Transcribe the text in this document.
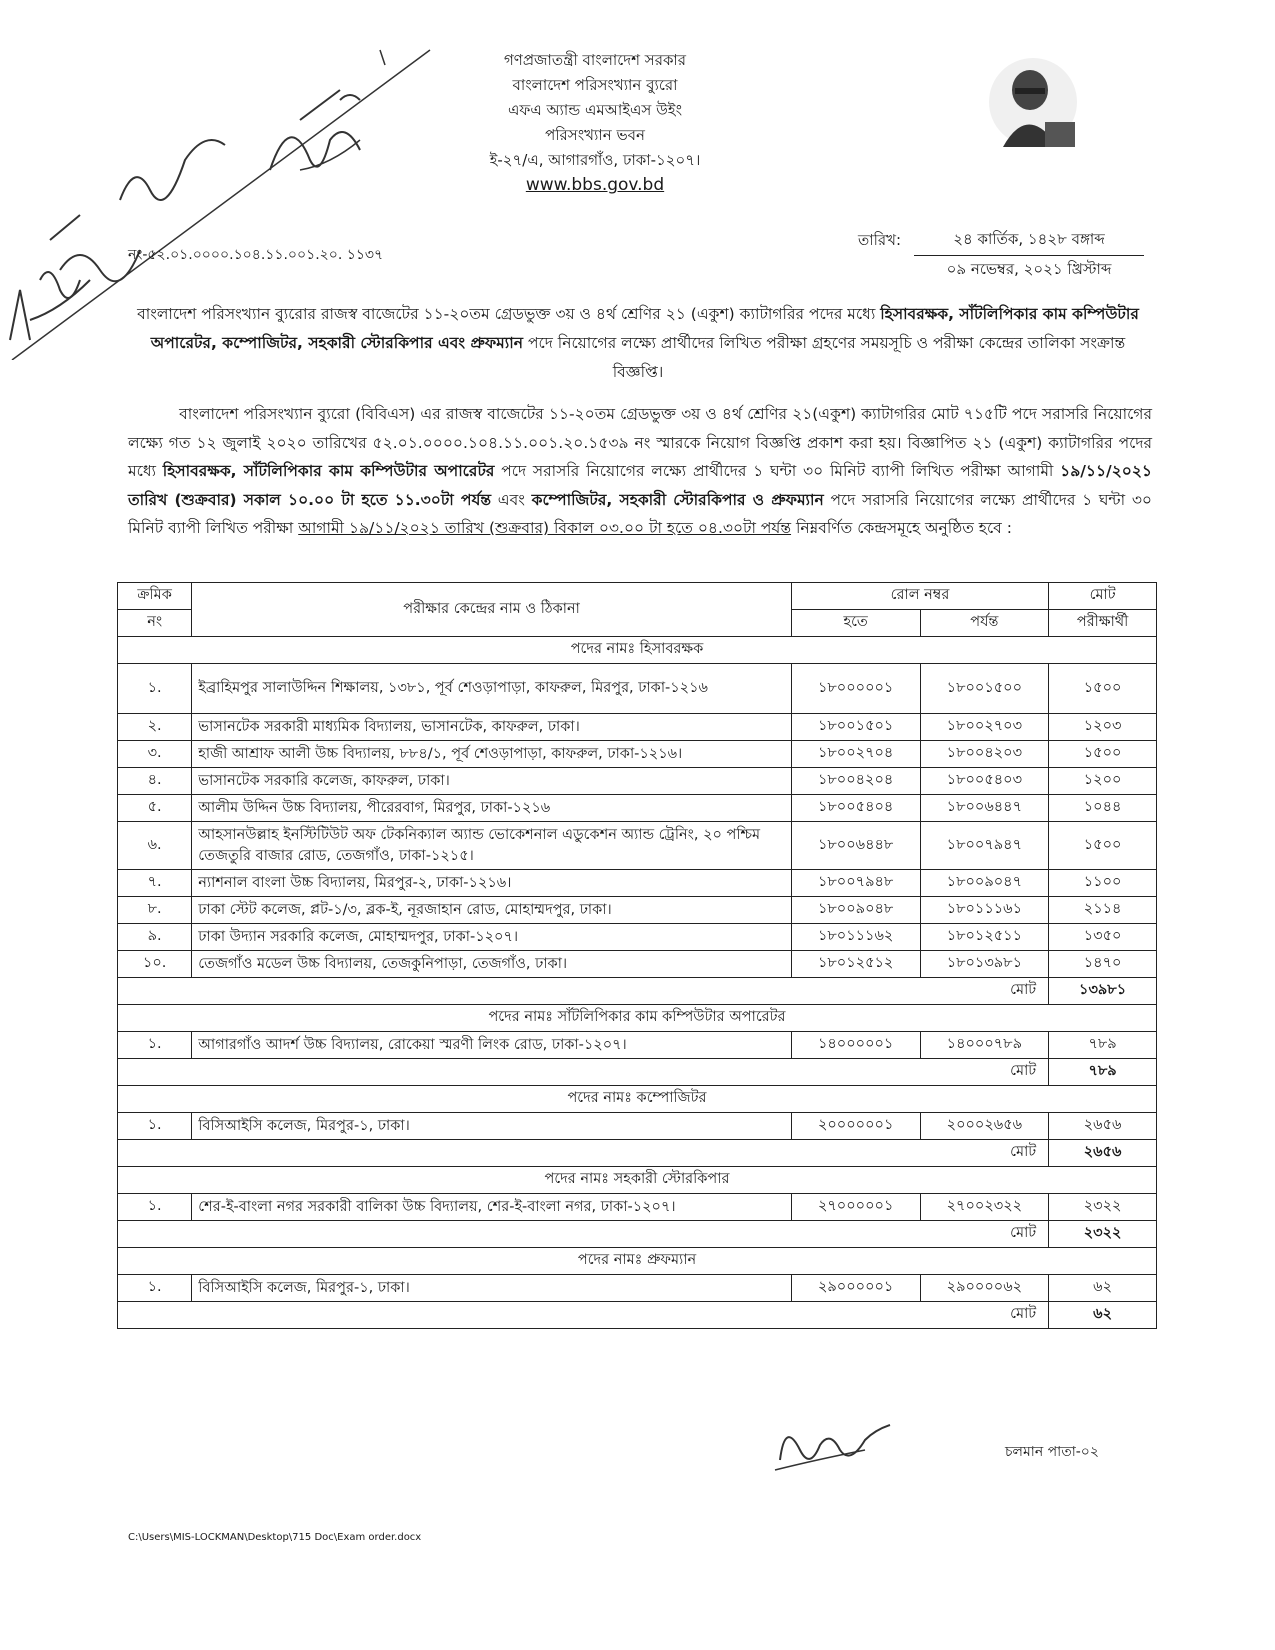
গণপ্রজাতন্ত্রী বাংলাদেশ সরকার
বাংলাদেশ পরিসংখ্যান ব্যুরো
এফএ অ্যান্ড এমআইএস উইং
পরিসংখ্যান ভবন
ই-২৭/এ, আগারগাঁও, ঢাকা-১২০৭।
www.bbs.gov.bd
নং-৫২.০১.০০০০.১০৪.১১.০০১.২০. ১১৩৭
তারিখ:	২৪ কার্তিক, ১৪২৮ বঙ্গাব্দ
০৯ নভেম্বর, ২০২১ খ্রিস্টাব্দ
বাংলাদেশ পরিসংখ্যান ব্যুরোর রাজস্ব বাজেটের ১১-২০তম গ্রেডভুক্ত ৩য় ও ৪র্থ শ্রেণির ২১ (একুশ) ক্যাটাগরির পদের মধ্যে হিসাবরক্ষক, সাঁটলিপিকার কাম কম্পিউটার অপারেটর, কম্পোজিটর, সহকারী স্টোরকিপার এবং প্রুফম্যান পদে নিয়োগের লক্ষ্যে প্রার্থীদের লিখিত পরীক্ষা গ্রহণের সময়সূচি ও পরীক্ষা কেন্দ্রের তালিকা সংক্রান্ত বিজ্ঞপ্তি।
বাংলাদেশ পরিসংখ্যান ব্যুরো (বিবিএস) এর রাজস্ব বাজেটের ১১-২০তম গ্রেডভুক্ত ৩য় ও ৪র্থ শ্রেণির ২১(একুশ) ক্যাটাগরির মোট ৭১৫টি পদে সরাসরি নিয়োগের লক্ষ্যে গত ১২ জুলাই ২০২০ তারিখের ৫২.০১.০০০০.১০৪.১১.০০১.২০.১৫৩৯ নং স্মারকে নিয়োগ বিজ্ঞপ্তি প্রকাশ করা হয়। বিজ্ঞাপিত ২১ (একুশ) ক্যাটাগরির পদের মধ্যে হিসাবরক্ষক, সাঁটলিপিকার কাম কম্পিউটার অপারেটর পদে সরাসরি নিয়োগের লক্ষ্যে প্রার্থীদের ১ ঘন্টা ৩০ মিনিট ব্যাপী লিখিত পরীক্ষা আগামী ১৯/১১/২০২১ তারিখ (শুক্রবার) সকাল ১০.০০ টা হতে ১১.৩০টা পর্যন্ত এবং কম্পোজিটর, সহকারী স্টোরকিপার ও প্রুফম্যান পদে সরাসরি নিয়োগের লক্ষ্যে প্রার্থীদের ১ ঘন্টা ৩০ মিনিট ব্যাপী লিখিত পরীক্ষা আগামী ১৯/১১/২০২১ তারিখ (শুক্রবার) বিকাল ০৩.০০ টা হতে ০৪.৩০টা পর্যন্ত নিম্নবর্ণিত কেন্দ্রসমূহে অনুষ্ঠিত হবে :
ক্রমিক	পরীক্ষার কেন্দ্রের নাম ও ঠিকানা	রোল নম্বর		মোট
নং		হতে	পর্যন্ত	পরীক্ষার্থী
পদের নামঃ হিসাবরক্ষক				
১.	ইব্রাহিমপুর সালাউদ্দিন শিক্ষালয়, ১৩৮১, পূর্ব শেওড়াপাড়া, কাফরুল, মিরপুর, ঢাকা-১২১৬	১৮০০০০০১	১৮০০১৫০০	১৫০০
২.	ভাসানটেক সরকারী মাধ্যমিক বিদ্যালয়, ভাসানটেক, কাফরুল, ঢাকা।	১৮০০১৫০১	১৮০০২৭০৩	১২০৩
৩.	হাজী আশ্রাফ আলী উচ্চ বিদ্যালয়, ৮৮৪/১, পূর্ব শেওড়াপাড়া, কাফরুল, ঢাকা-১২১৬।	১৮০০২৭০৪	১৮০০৪২০৩	১৫০০
৪.	ভাসানটেক সরকারি কলেজ, কাফরুল, ঢাকা।	১৮০০৪২০৪	১৮০০৫৪০৩	১২০০
৫.	আলীম উদ্দিন উচ্চ বিদ্যালয়, পীরেরবাগ, মিরপুর, ঢাকা-১২১৬	১৮০০৫৪০৪	১৮০০৬৪৪৭	১০৪৪
৬.	আহসানউল্লাহ ইনস্টিটিউট অফ টেকনিক্যাল অ্যান্ড ভোকেশনাল এডুকেশন অ্যান্ড ট্রেনিং, ২০ পশ্চিম তেজতুরি বাজার রোড, তেজগাঁও, ঢাকা-১২১৫।	১৮০০৬৪৪৮	১৮০০৭৯৪৭	১৫০০
৭.	ন্যাশনাল বাংলা উচ্চ বিদ্যালয়, মিরপুর-২, ঢাকা-১২১৬।	১৮০০৭৯৪৮	১৮০০৯০৪৭	১১০০
৮.	ঢাকা স্টেট কলেজ, প্লট-১/৩, ব্লক-ই, নূরজাহান রোড, মোহাম্মদপুর, ঢাকা।	১৮০০৯০৪৮	১৮০১১১৬১	২১১৪
৯.	ঢাকা উদ্যান সরকারি কলেজ, মোহাম্মদপুর, ঢাকা-১২০৭।	১৮০১১১৬২	১৮০১২৫১১	১৩৫০
১০.	তেজগাঁও মডেল উচ্চ বিদ্যালয়, তেজকুনিপাড়া, তেজগাঁও, ঢাকা।	১৮০১২৫১২	১৮০১৩৯৮১	১৪৭০
মোট				১৩৯৮১
পদের নামঃ সাঁটলিপিকার কাম কম্পিউটার অপারেটর				
১.	আগারগাঁও আদর্শ উচ্চ বিদ্যালয়, রোকেয়া স্মরণী লিংক রোড, ঢাকা-১২০৭।	১৪০০০০০১	১৪০০০৭৮৯	৭৮৯
মোট				৭৮৯
পদের নামঃ কম্পোজিটর				
১.	বিসিআইসি কলেজ, মিরপুর-১, ঢাকা।	২০০০০০০১	২০০০২৬৫৬	২৬৫৬
মোট				২৬৫৬
পদের নামঃ সহকারী স্টোরকিপার				
১.	শের-ই-বাংলা নগর সরকারী বালিকা উচ্চ বিদ্যালয়, শের-ই-বাংলা নগর, ঢাকা-১২০৭।	২৭০০০০০১	২৭০০২৩২২	২৩২২
মোট				২৩২২
পদের নামঃ প্রুফম্যান				
১.	বিসিআইসি কলেজ, মিরপুর-১, ঢাকা।	২৯০০০০০১	২৯০০০০৬২	৬২
মোট				৬২
চলমান পাতা-০২
C:\Users\MIS-LOCKMAN\Desktop\715 Doc\Exam order.docx
